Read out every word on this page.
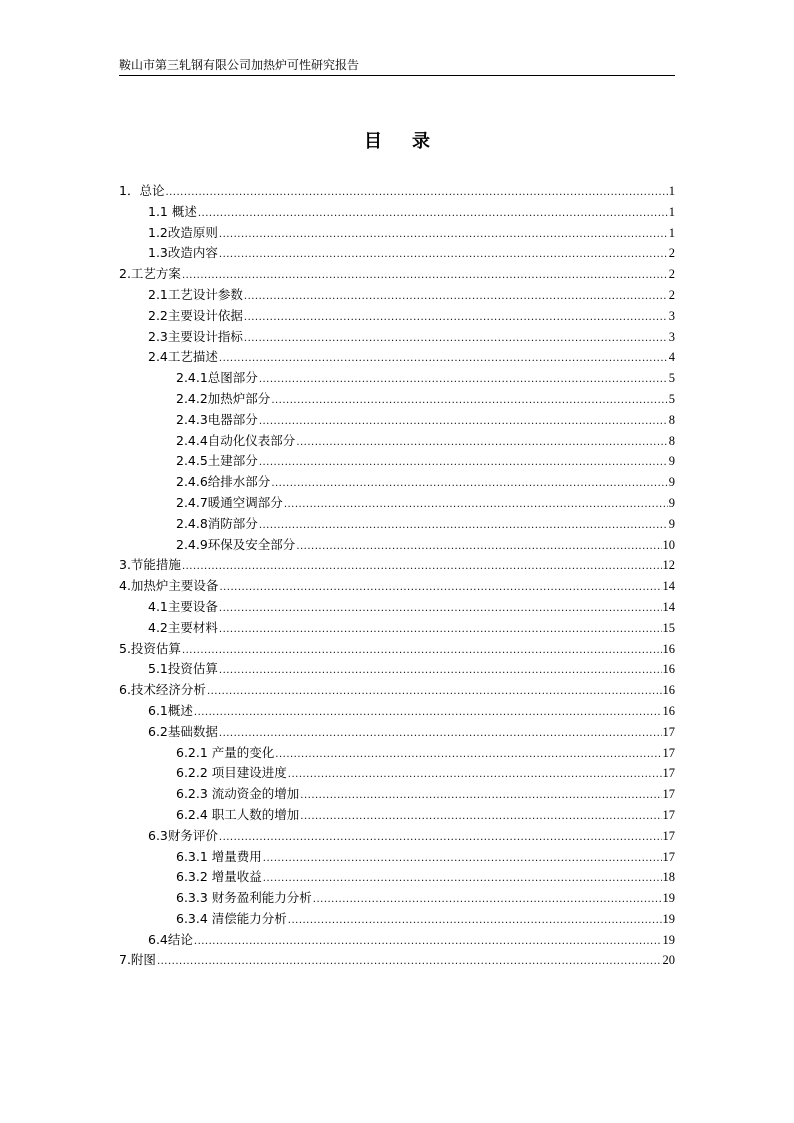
鞍山市第三轧钢有限公司加热炉可性研究报告
目录
1．总论 .....	1
1.1 概述 .....	1
1.2改造原则 .....	1
1.3改造内容 .....	2
2.工艺方案 .....	2
2.1工艺设计参数 .....	2
2.2主要设计依据 .....	3
2.3主要设计指标 .....	3
2.4工艺描述 .....	4
2.4.1总图部分 .....	5
2.4.2加热炉部分 .....	5
2.4.3电器部分 .....	8
2.4.4自动化仪表部分 .....	8
2.4.5土建部分 .....	9
2.4.6给排水部分 .....	9
2.4.7暖通空调部分 .....	9
2.4.8消防部分 .....	9
2.4.9环保及安全部分 .....	10
3.节能措施 .....	12
4.加热炉主要设备 .....	14
4.1主要设备 .....	14
4.2主要材料 .....	15
5.投资估算 .....	16
5.1投资估算 .....	16
6.技术经济分析 .....	16
6.1概述 .....	16
6.2基础数据 .....	17
6.2.1 产量的变化 .....	17
6.2.2 项目建设进度 .....	17
6.2.3 流动资金的增加 .....	17
6.2.4 职工人数的增加 .....	17
6.3财务评价 .....	17
6.3.1 增量费用 .....	17
6.3.2 增量收益 .....	18
6.3.3 财务盈利能力分析 .....	19
6.3.4 清偿能力分析 .....	19
6.4结论 .....	19
7.附图 .....	20
